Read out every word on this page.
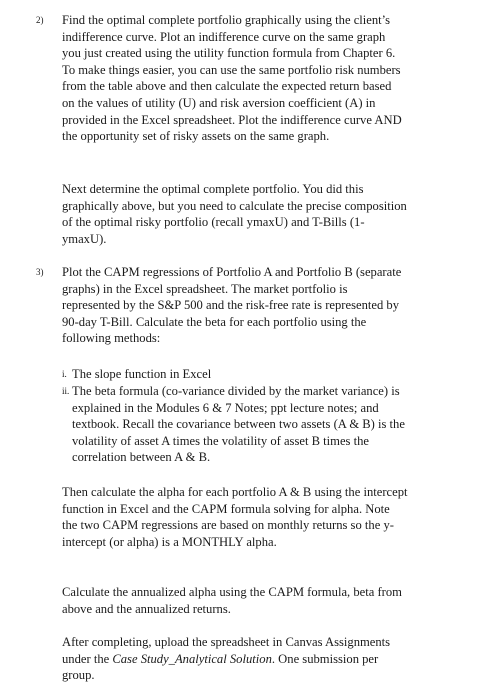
2) Find the optimal complete portfolio graphically using the client’s indifference curve. Plot an indifference curve on the same graph you just created using the utility function formula from Chapter 6. To make things easier, you can use the same portfolio risk numbers from the table above and then calculate the expected return based on the values of utility (U) and risk aversion coefficient (A) in provided in the Excel spreadsheet. Plot the indifference curve AND the opportunity set of risky assets on the same graph.
Next determine the optimal complete portfolio. You did this graphically above, but you need to calculate the precise composition of the optimal risky portfolio (recall ymaxU) and T-Bills (1-ymaxU).
3) Plot the CAPM regressions of Portfolio A and Portfolio B (separate graphs) in the Excel spreadsheet. The market portfolio is represented by the S&P 500 and the risk-free rate is represented by 90-day T-Bill. Calculate the beta for each portfolio using the following methods:
i. The slope function in Excel
ii. The beta formula (co-variance divided by the market variance) is explained in the Modules 6 & 7 Notes; ppt lecture notes; and textbook. Recall the covariance between two assets (A & B) is the volatility of asset A times the volatility of asset B times the correlation between A & B.
Then calculate the alpha for each portfolio A & B using the intercept function in Excel and the CAPM formula solving for alpha. Note the two CAPM regressions are based on monthly returns so the y-intercept (or alpha) is a MONTHLY alpha.
Calculate the annualized alpha using the CAPM formula, beta from above and the annualized returns.
After completing, upload the spreadsheet in Canvas Assignments under the Case Study_Analytical Solution. One submission per group.
